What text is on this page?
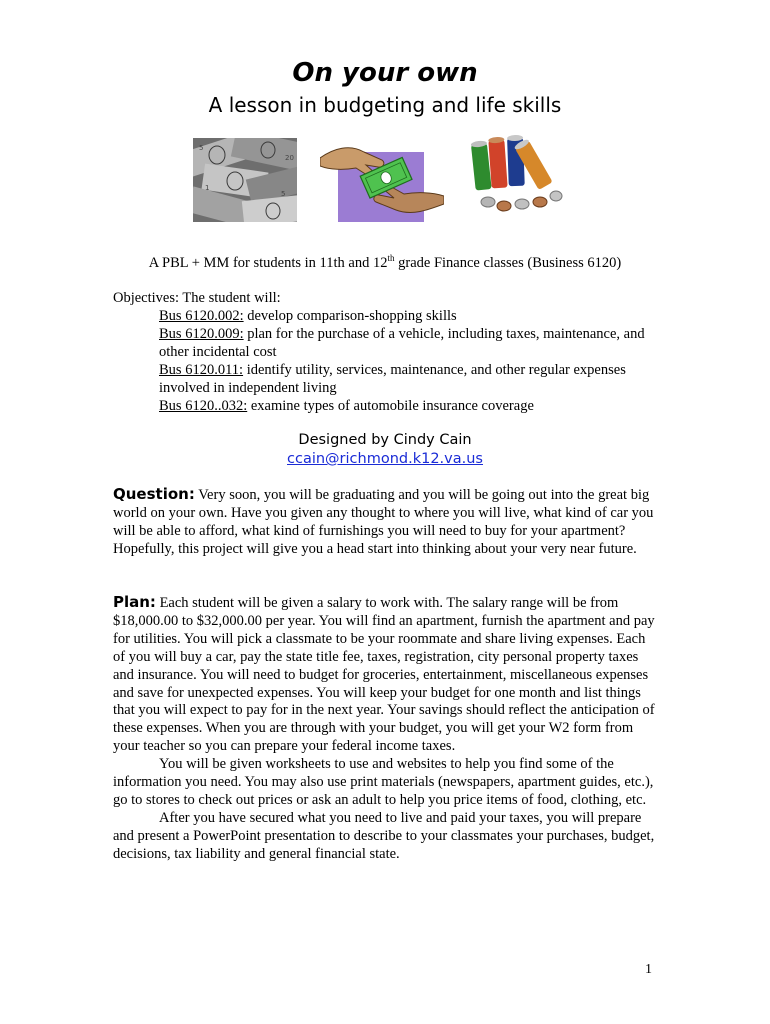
On your own
A lesson in budgeting and life skills
5
20
1
5
A PBL + MM for students in 11th and 12th grade Finance classes (Business 6120)
Objectives: The student will:
Bus 6120.002: develop comparison-shopping skills
Bus 6120.009: plan for the purchase of a vehicle, including taxes, maintenance, and other incidental cost
Bus 6120.011: identify utility, services, maintenance, and other regular expenses involved in independent living
Bus 6120..032: examine types of automobile insurance coverage
Designed by Cindy Cain
ccain@richmond.k12.va.us
Question: Very soon, you will be graduating and you will be going out into the great big world on your own. Have you given any thought to where you will live, what kind of car you will be able to afford, what kind of furnishings you will need to buy for your apartment? Hopefully, this project will give you a head start into thinking about your very near future.
Plan: Each student will be given a salary to work with. The salary range will be from $18,000.00 to $32,000.00 per year. You will find an apartment, furnish the apartment and pay for utilities. You will pick a classmate to be your roommate and share living expenses. Each of you will buy a car, pay the state title fee, taxes, registration, city personal property taxes and insurance. You will need to budget for groceries, entertainment, miscellaneous expenses and save for unexpected expenses. You will keep your budget for one month and list things that you will expect to pay for in the next year. Your savings should reflect the anticipation of these expenses. When you are through with your budget, you will get your W2 form from your teacher so you can prepare your federal income taxes.
You will be given worksheets to use and websites to help you find some of the information you need. You may also use print materials (newspapers, apartment guides, etc.), go to stores to check out prices or ask an adult to help you price items of food, clothing, etc.
After you have secured what you need to live and paid your taxes, you will prepare and present a PowerPoint presentation to describe to your classmates your purchases, budget, decisions, tax liability and general financial state.
1
